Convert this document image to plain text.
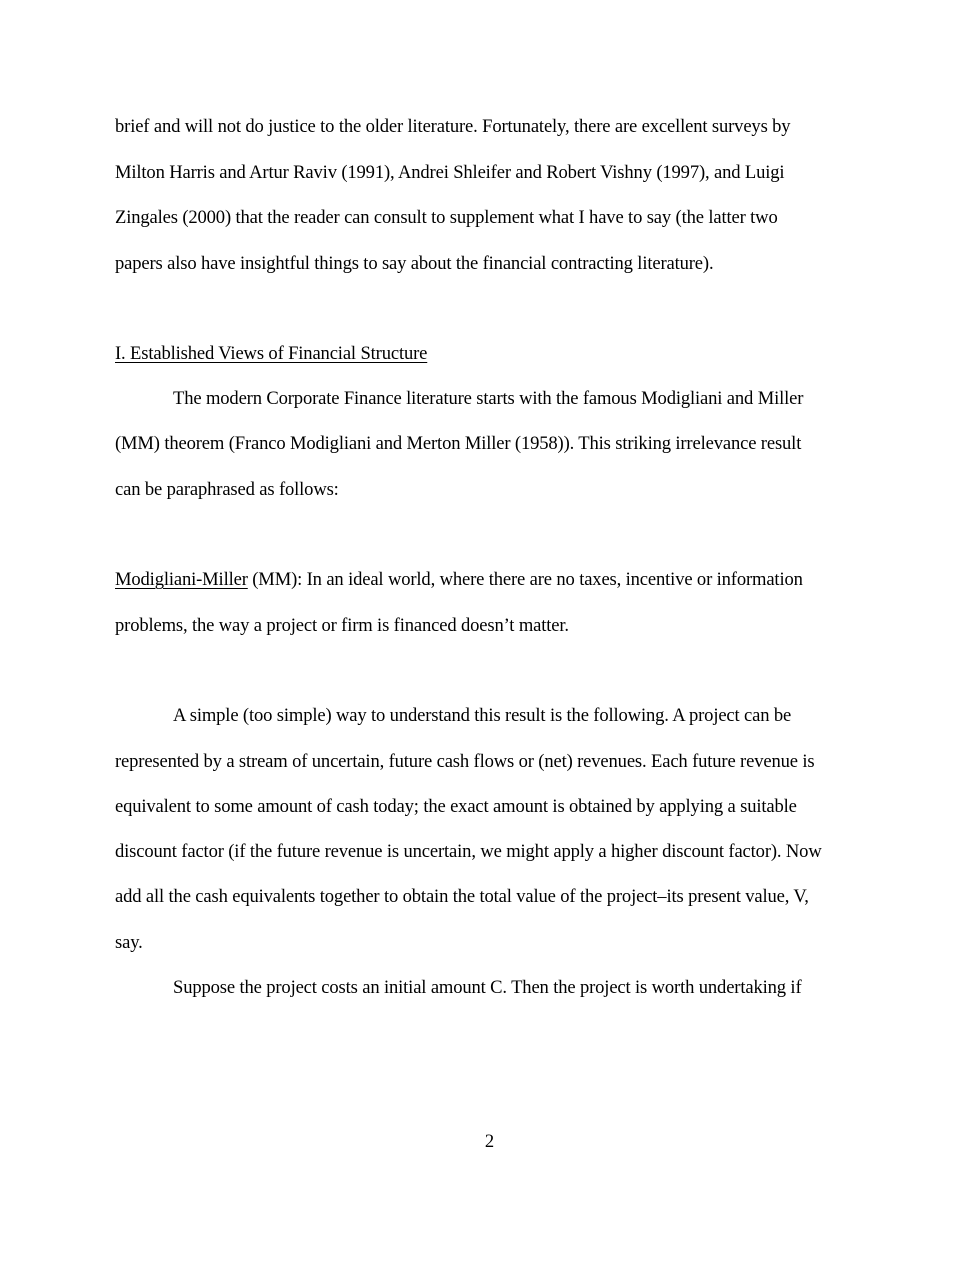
brief and will not do justice to the older literature. Fortunately, there are excellent surveys by
Milton Harris and Artur Raviv (1991), Andrei Shleifer and Robert Vishny (1997), and Luigi
Zingales (2000) that the reader can consult to supplement what I have to say (the latter two
papers also have insightful things to say about the financial contracting literature).
I. Established Views of Financial Structure
The modern Corporate Finance literature starts with the famous Modigliani and Miller
(MM) theorem (Franco Modigliani and Merton Miller (1958)). This striking irrelevance result
can be paraphrased as follows:
Modigliani-Miller (MM): In an ideal world, where there are no taxes, incentive or information
problems, the way a project or firm is financed doesn’t matter.
A simple (too simple) way to understand this result is the following. A project can be
represented by a stream of uncertain, future cash flows or (net) revenues. Each future revenue is
equivalent to some amount of cash today; the exact amount is obtained by applying a suitable
discount factor (if the future revenue is uncertain, we might apply a higher discount factor). Now
add all the cash equivalents together to obtain the total value of the project–its present value, V,
say.
Suppose the project costs an initial amount C. Then the project is worth undertaking if
2
